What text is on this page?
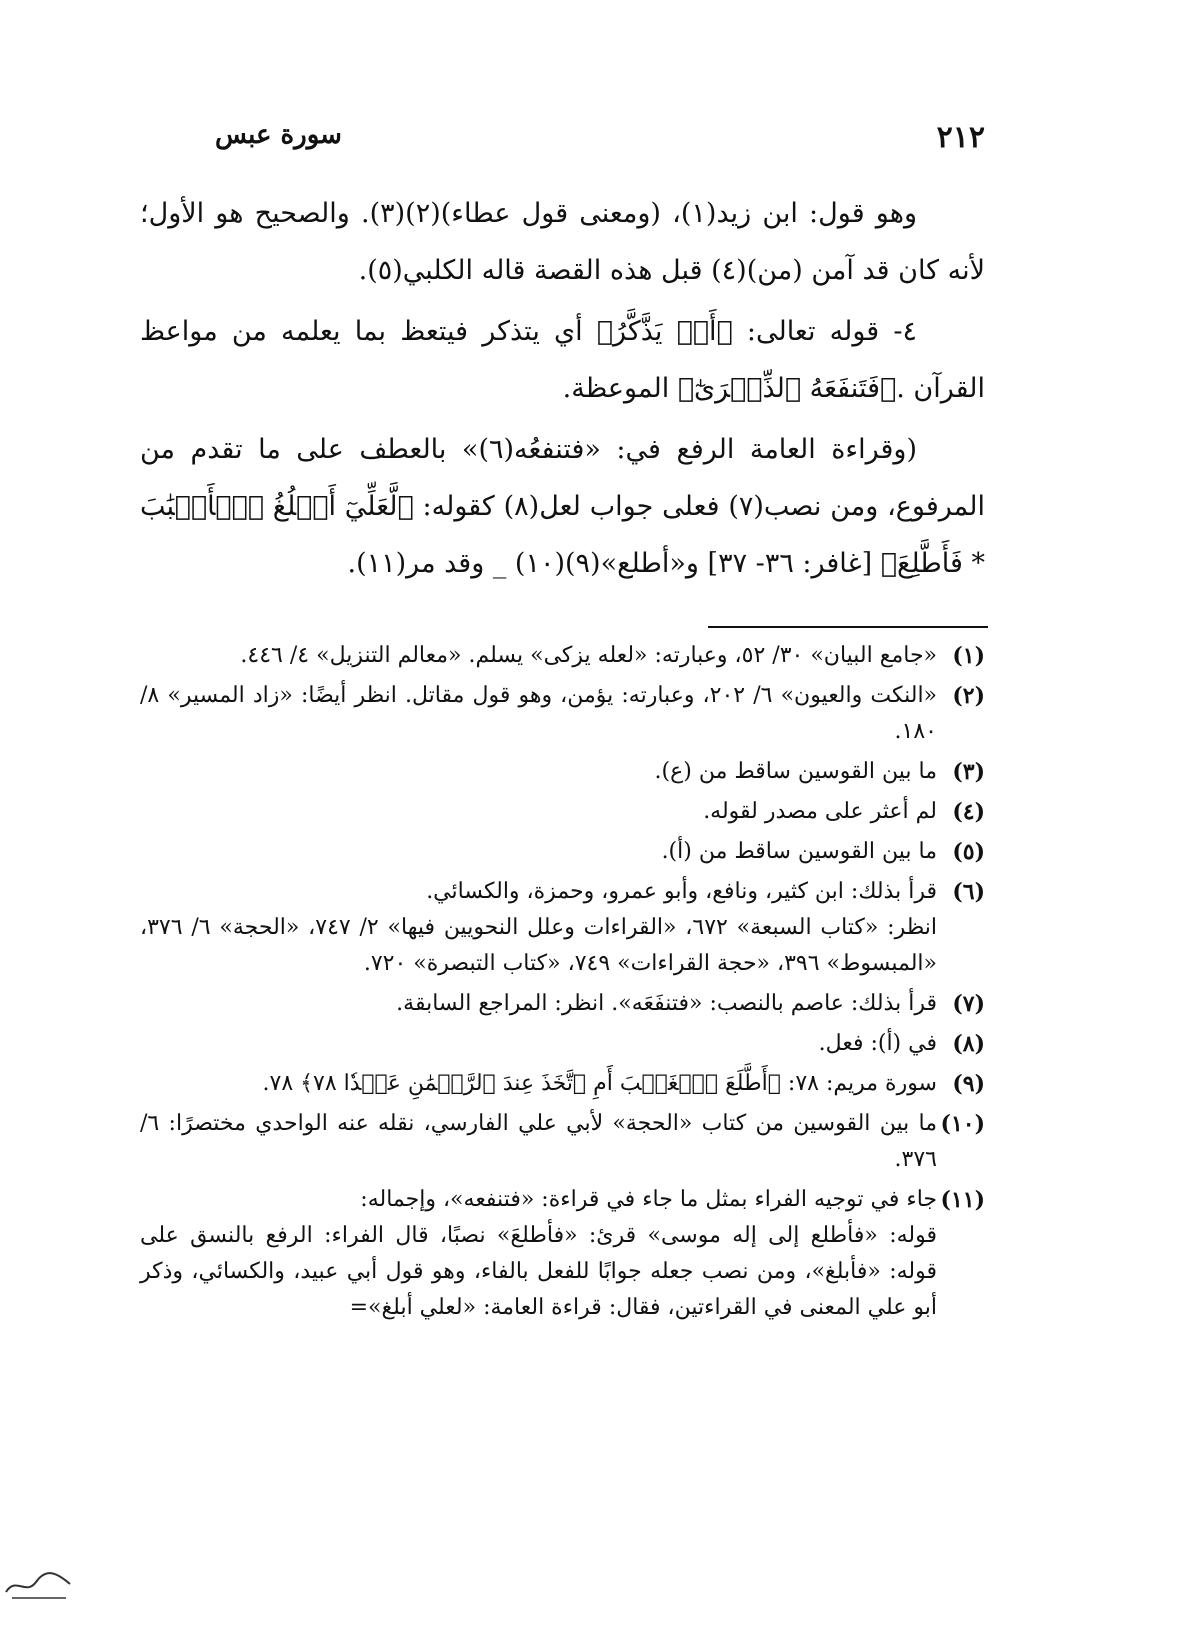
٢١٢
سورة عبس

وهو قول: ابن زيد(١)، (ومعنى قول عطاء)(٢)(٣). والصحيح هو الأول؛ لأنه كان قد آمن (من)(٤) قبل هذه القصة قاله الكلبي(٥).

٤- قوله تعالى: ﴿أَوۡ يَذَّكَّرُ﴾ أي يتذكر فيتعظ بما يعلمه من مواعظ القرآن .﴿فَتَنفَعَهُ ٱلذِّكۡرَىٰٓ﴾ الموعظة.

(وقراءة العامة الرفع في: «فتنفعُه(٦)» بالعطف على ما تقدم من المرفوع، ومن نصب(٧) فعلى جواب لعل(٨) كقوله: ﴿لَّعَلِّيٓ أَبۡلُغُ ٱلۡأَسۡبَٰبَ * فَأَطَّلِعَ﴾ [غافر: ٣٦- ٣٧] و«أطلع»(٩)(١٠) _ وقد مر(١١).

(١)

«جامع البيان» ٣٠/ ٥٢، وعبارته: «لعله يزكى» يسلم. «معالم التنزيل» ٤/ ٤٤٦.

(٢)

«النكت والعيون» ٦/ ٢٠٢، وعبارته: يؤمن، وهو قول مقاتل. انظر أيضًا: «زاد المسير» ٨/ ١٨٠.

(٣)

ما بين القوسين ساقط من (ع).

(٤)

لم أعثر على مصدر لقوله.

(٥)

ما بين القوسين ساقط من (أ).

(٦)

قرأ بذلك: ابن كثير، ونافع، وأبو عمرو، وحمزة، والكسائي.

انظر: «كتاب السبعة» ٦٧٢، «القراءات وعلل النحويين فيها» ٢/ ٧٤٧، «الحجة» ٦/ ٣٧٦، «المبسوط» ٣٩٦، «حجة القراءات» ٧٤٩، «كتاب التبصرة» ٧٢٠.

(٧)

قرأ بذلك: عاصم بالنصب: «فتنفَعَه». انظر: المراجع السابقة.

(٨)

في (أ): فعل.

(٩)

سورة مريم: ٧٨: ﴿أَطَّلَعَ ٱلۡغَيۡبَ أَمِ ٱتَّخَذَ عِندَ ٱلرَّحۡمَٰنِ عَهۡدٗا ٧٨﴾ ٧٨.

(١٠)

ما بين القوسين من كتاب «الحجة» لأبي علي الفارسي، نقله عنه الواحدي مختصرًا: ٦/ ٣٧٦.

(١١)

جاء في توجيه الفراء بمثل ما جاء في قراءة: «فتنفعه»، وإجماله:

قوله: «فأطلع إلى إله موسى» قرئ: «فأطلعَ» نصبًا، قال الفراء: الرفع بالنسق على قوله: «فأبلغ»، ومن نصب جعله جوابًا للفعل بالفاء، وهو قول أبي عبيد، والكسائي، وذكر أبو علي المعنى في القراءتين، فقال: قراءة العامة: «لعلي أبلغ»=
